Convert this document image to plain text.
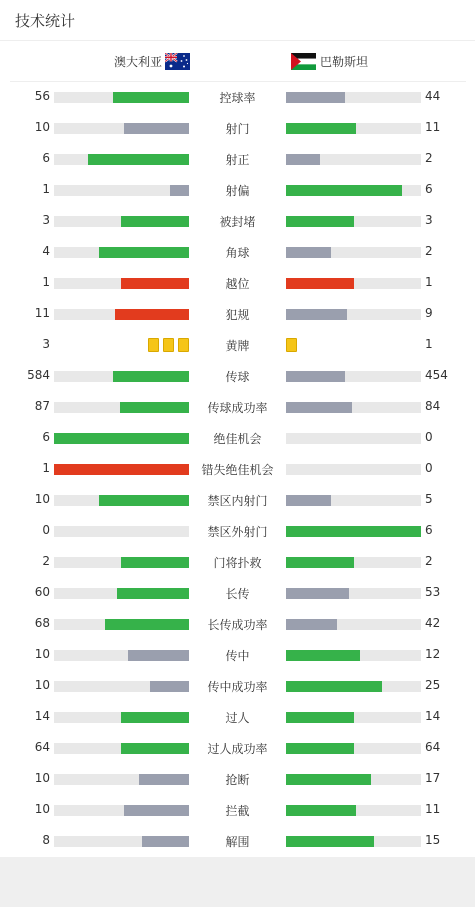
技术统计
澳大利亚	巴勒斯坦
56	控球率	44
10	射门	11
6	射正	2
1	射偏	6
3	被封堵	3
4	角球	2
1	越位	1
11	犯规	9
3	黄牌	1
584	传球	454
87	传球成功率	84
6	绝佳机会	0
1	错失绝佳机会	0
10	禁区内射门	5
0	禁区外射门	6
2	门将扑救	2
60	长传	53
68	长传成功率	42
10	传中	12
10	传中成功率	25
14	过人	14
64	过人成功率	64
10	抢断	17
10	拦截	11
8	解围	15
